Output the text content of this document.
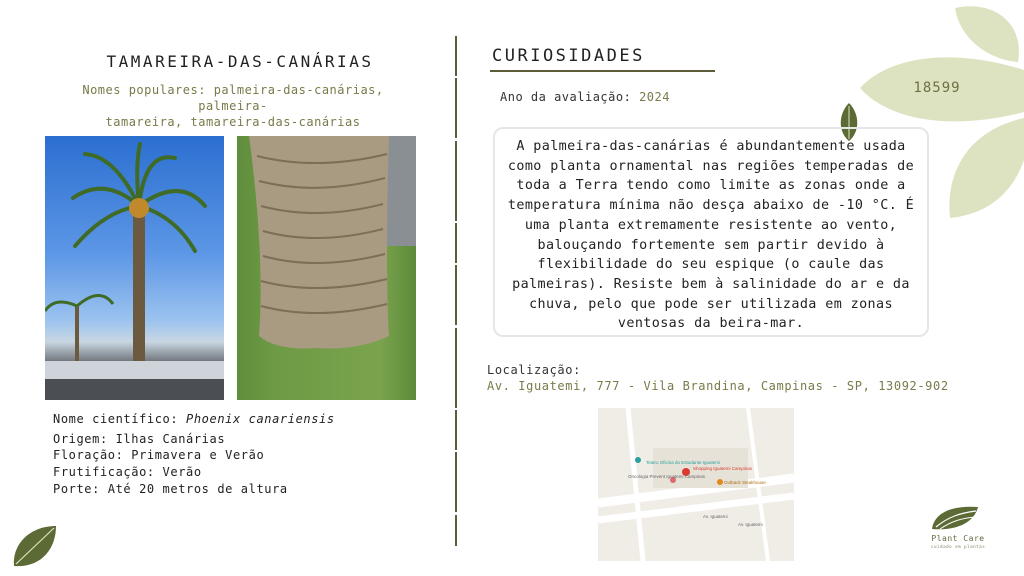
18599
TAMAREIRA-DAS-CANÁRIAS
Nomes populares: palmeira-das-canárias, palmeira-
tamareira, tamareira-das-canárias
Nome científico: Phoenix canariensis
Origem: Ilhas Canárias
Floração: Primavera e Verão
Frutificação: Verão
Porte: Até 20 metros de altura
CURIOSIDADES
Ano da avaliação: 2024
A palmeira-das-canárias é abundantemente usada como planta ornamental nas regiões temperadas de toda a Terra tendo como limite as zonas onde a temperatura mínima não desça abaixo de -10 °C. É uma planta extremamente resistente ao vento, balouçando fortemente sem partir devido à flexibilidade do seu espique (o caule das palmeiras). Resiste bem à salinidade do ar e da chuva, pelo que pode ser utilizada em zonas ventosas da beira-mar.
Localização:
Av. Iguatemi, 777 - Vila Brandina, Campinas - SP, 13092-902
Teatro Oficina do Estudante Iguatemi
Shopping Iguatemi Campinas
Outback Steakhouse
Oncologia Prevent Iguatemi Campinas
Av. Iguatemi
Av. Iguatemi
Plant Care
cuidado em plantas
